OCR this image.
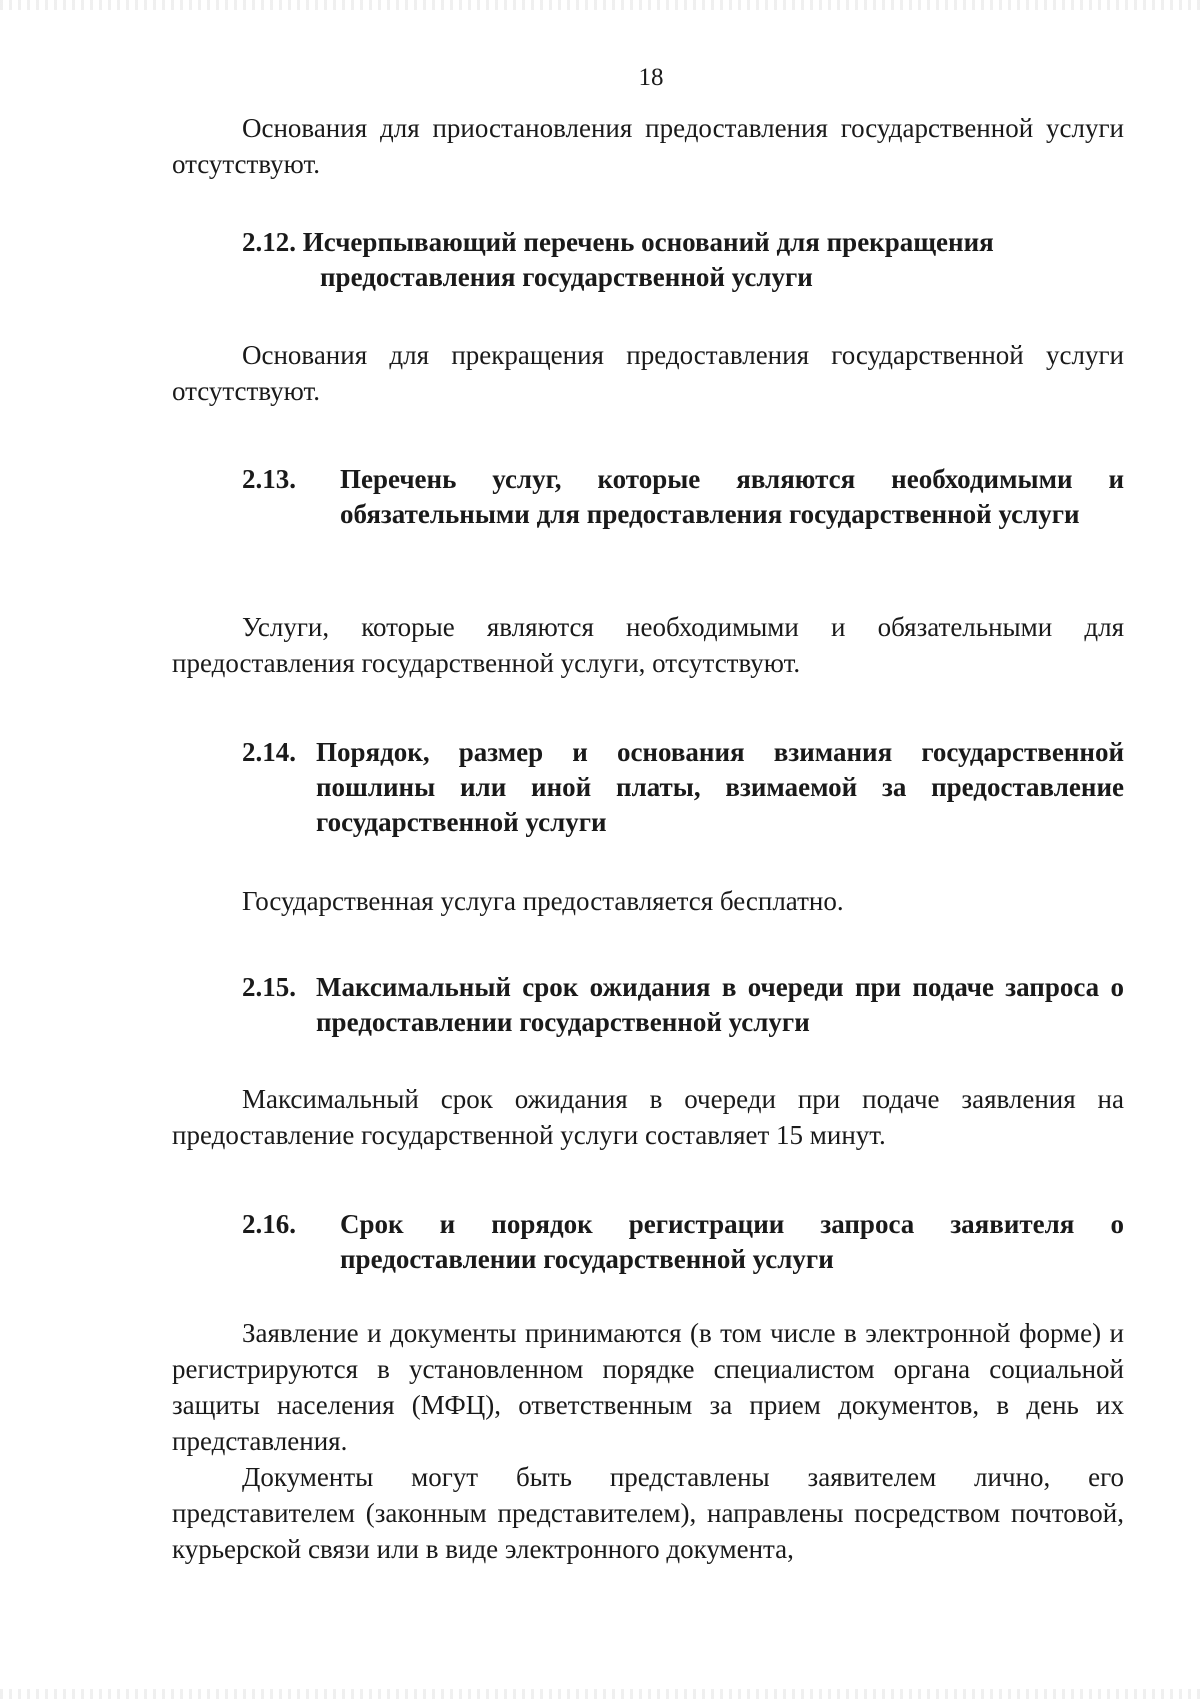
18

Основания для приостановления предоставления государственной услуги отсутствуют.

2.12. Исчерпывающий перечень оснований для прекращения
предоставления государственной услуги

Основания для прекращения предоставления государственной услуги отсутствуют.

2.13.	Перечень услуг, которые являются необходимыми и обязательными для предоставления государственной услуги

Услуги, которые являются необходимыми и обязательными для предоставления государственной услуги, отсутствуют.

2.14. Порядок, размер и основания взимания государственной пошлины или иной платы, взимаемой за предоставление государственной услуги

Государственная услуга предоставляется бесплатно.

2.15. Максимальный срок ожидания в очереди при подаче запроса о предоставлении государственной услуги

Максимальный срок ожидания в очереди при подаче заявления на предоставление государственной услуги составляет 15 минут.

2.16.	Срок и порядок регистрации запроса заявителя о предоставлении государственной услуги

Заявление и документы принимаются (в том числе в электронной форме) и регистрируются в установленном порядке специалистом органа социальной защиты населения (МФЦ), ответственным за прием документов, в день их представления.

Документы могут быть представлены заявителем лично, его представителем (законным представителем), направлены посредством почтовой, курьерской связи или в виде электронного документа,
